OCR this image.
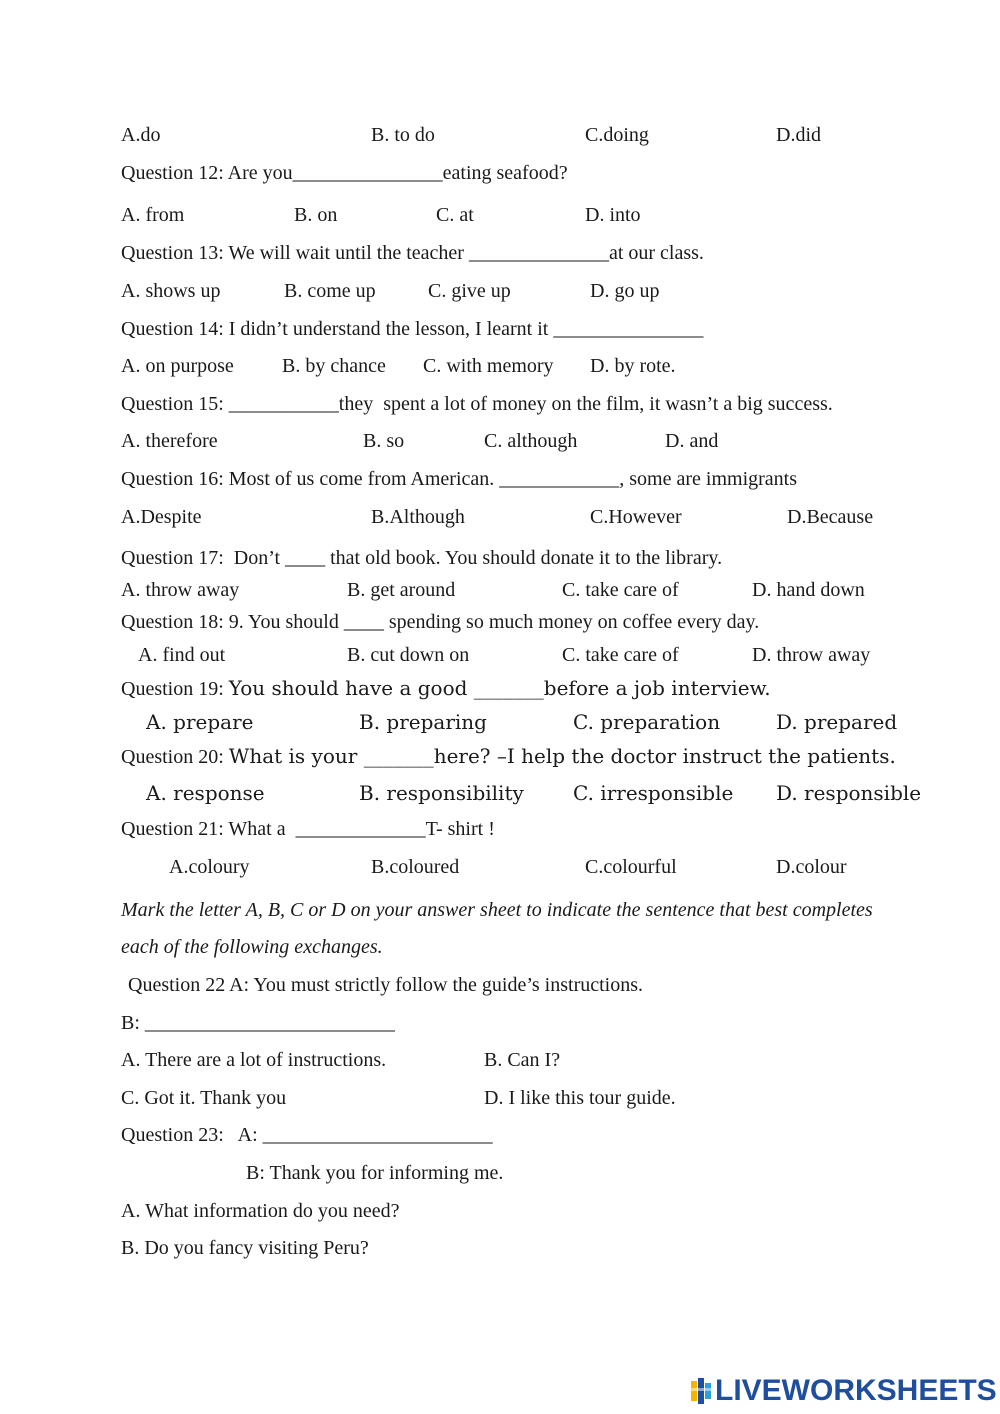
A.do	B. to do	C.doing	D.did
Question 12: Are you_______________eating seafood?
A. from	B. on	C. at	D. into
Question 13: We will wait until the teacher ______________at our class.
A. shows up	B. come up	C. give up	D. go up
Question 14: I didn’t understand the lesson, I learnt it _______________
A. on purpose B. by chance C. with memory D. by rote.
Question 15: ___________they  spent a lot of money on the film, it wasn’t a big success.
A. therefore	B. so	C. although	D. and
Question 16: Most of us come from American. ____________, some are immigrants
A.Despite	B.Although	C.However	D.Because
Question 17:  Don’t ____ that old book. You should donate it to the library.
A. throw away	B. get around	C. take care of	D. hand down
Question 18: 9. You should ____ spending so much money on coffee every day.
A. find out	B. cut down on	C. take care of	D. throw away
Question 19: You should have a good _______before a job interview.
A. prepare	B. preparing	C. preparation	D. prepared
Question 20: What is your _______here? –I help the doctor instruct the patients.
A. response	B. responsibility C. irresponsible D. responsible
Question 21: What a  _____________T- shirt !
A.coloury	B.coloured	C.colourful	D.colour
Mark the letter A, B, C or D on your answer sheet to indicate the sentence that best completes
each of the following exchanges.
Question 22 A: You must strictly follow the guide’s instructions.
B: _________________________
A. There are a lot of instructions.	B. Can I?
C. Got it. Thank you	D. I like this tour guide.
Question 23:   A: _______________________
B: Thank you for informing me.
A. What information do you need?
B. Do you fancy visiting Peru?
LIVEWORKSHEETS
